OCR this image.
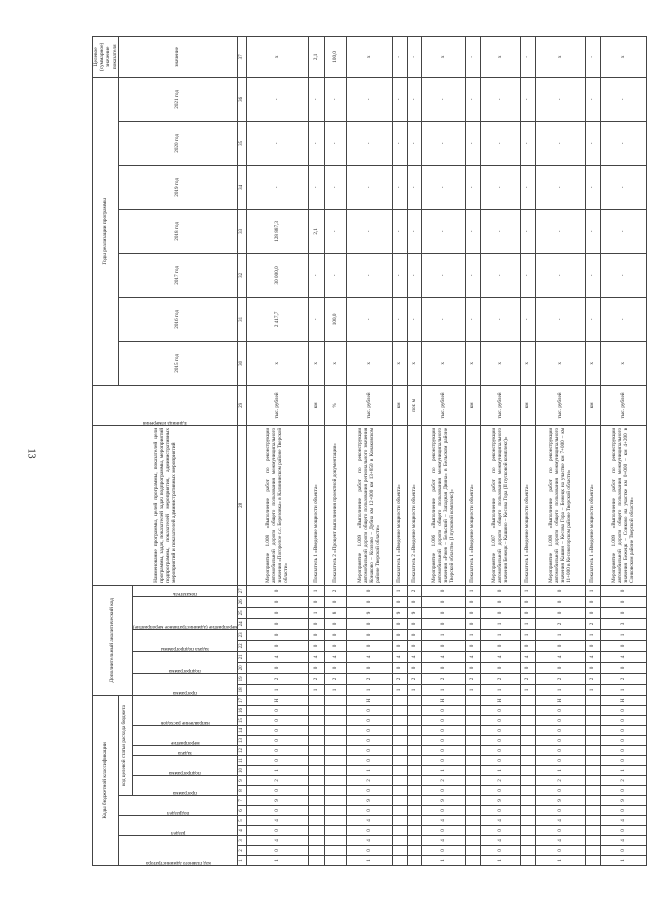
13
Коды бюджетной классификации																	Дополнительный аналитический код										Наименование программы, целей программы, показателей цели программы, задач, показателей задач подпрограммы, мероприятий подпрограммы, показателей мероприятия, административных мероприятий и показателей административных мероприятий	Единица измерения	Годы реализации программы							Целевое (суммарное) значение показателя

код главного администратора			раздел		подраздел		код целевой статьи расхода бюджета																						2015 год	2016 год	2017 год	2018 год	2019 год	2020 год	2021 год	значение

							программа		подпрограмма		задача	мероприятие		направление расходов			программа		подпрограмма		задача подпрограммы		мероприятие (административное мероприятие)			показатель										

1	2	3	4	5	6	7	8	9	10	11	12	13	14	15	16	17	18	19	20	21	22	23	24	25	26	27	28	29	30	31	32	33	34	35	36	37
1	0	4	0	4	0	9	0	2	1	0	0	0	0	0	0	Н	1	2	0	4	0	0	0	0	0	0	Мероприятие 1.008 «Выполнение работ по реконструкции автомобильной дороги общего пользования межмуниципального значения «Погорелое с.с. Березовка» в Калининском районе Тверской области»	тыс. рублей	х	2 417,7	30 000,0	128 887,3	-	-	-	х
																	1	2	0	4	0	0	0	1	0	1	Показатель 1 «Введение мощности объекта»	км	х	-	-	2,1	-	-	-	2,1
																	1	2	0	4	0	0	0	8	0	2	Показатель 2 «Процент выполнения проектной документации»	%	х	100,0	-	-	-	-	-	100,0
1	0	4	0	4	0	9	0	2	1	0	0	0	0	0	0	Н	1	2	0	4	0	0	0	9	0	0	Мероприятие 1.009 «Выполнение работ по реконструкции автомобильной дороги общего пользования регионального значения Конаково – Козлово – Дубна км 12+000 км 13+850 в Конаковском районе Тверской области»	тыс. рублей	х	-	-	-	-	-	-	х
																	1	2	0	4	0	0	0	9	0	1	Показатель 1 «Введение мощности объекта»	км	х	-	-	-	-	-	-	-
																	1	2	0	4	0	0	0	9	0	2	Показатель 2 «Введение мощности объекта»	пог. м	х	-	-	-	-	-	-	-
1	0	4	0	4	0	9	0	2	1	0	0	0	0	0	0	Н	1	2	0	4	0	1	0	0	0	0	Мероприятие 1.006 «Выполнение работ по реконструкции автомобильной дороги общего пользования межмуниципального значения «Ржев – Бельский – Западная Двина» в Бельском районе Тверской области» (I пусковой комплекс)»	тыс. рублей	х	-	-	-	-	-	-	х
																	1	2	0	4	0	1	0	0	0	1	Показатель 1 «Введение мощности объекта»	км	х	-	-	-	-	-	-	-
1	0	4	0	4	0	9	0	2	1	0	0	0	0	0	0	Н	1	2	0	4	0	1	1	0	0	0	Мероприятие 1.007 «Выполнение работ по реконструкции автомобильной дороги общего пользования межмуниципального значения Бежецк – Кашино – Кесова Гора (II пусковой комплекс)»	тыс. рублей	х	-	-	-	-	-	-	х
																	1	2	0	4	0	1	1	0	0	1	Показатель 1 «Введение мощности объекта»	км	х	-	-	-	-	-	-	-
1	0	4	0	4	0	9	0	2	1	0	0	0	0	0	0	Н	1	2	0	4	0	1	2	0	0	0	Мероприятие 1.008 «Выполнение работ по реконструкции автомобильной дороги общего пользования межмуниципального значения Кашин – Кесова Гора – Бежецк на участке км 7+000 – км 11+000 в Кесовогорском районе Тверской области»	тыс. рублей	х	-	-	-	-	-	-	х
																	1	2	0	4	0	1	2	0	0	1	Показатель 1 «Введение мощности объекта»	км	х	-	-	-	-	-	-	-
1	0	4	0	4	0	9	0	2	1	0	0	0	0	0	0	Н	1	2	0	4	0	1	3	0	0	0	Мероприятие 1.009 «Выполнение работ по реконструкции автомобильной дороги общего пользования межмуниципального значения Бежецк – Сонково на участке км 0+000 – км 4+200 в Сонковском районе Тверской области»	тыс. рублей	х	-	-	-	-	-	-	х
